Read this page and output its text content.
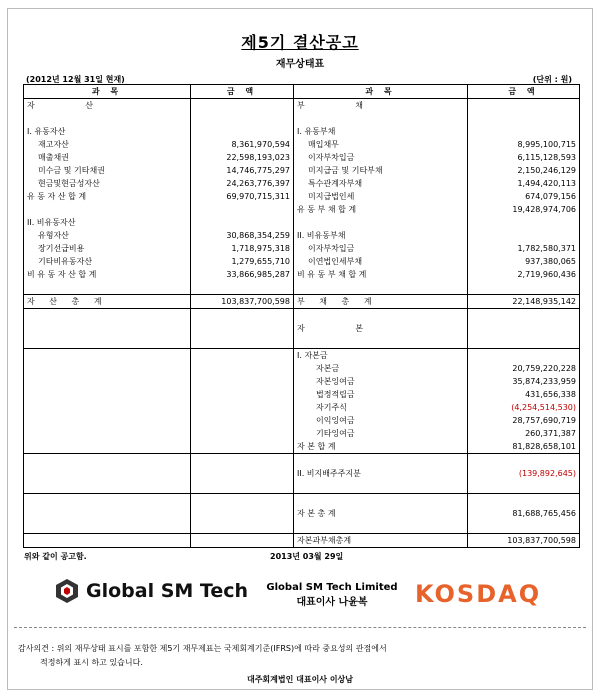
제5기 결산공고
재무상태표
(2012년 12월 31일 현재)	(단위 : 원)
과 목	금 액	과 목	금 액
자 산		부 채	

I. 유동자산		I. 유동부채	
재고자산	8,361,970,594	매입채무	8,995,100,715
매출채권	22,598,193,023	이자부차입금	6,115,128,593
미수금 및 기타채권	14,746,775,297	미지급금 및 기타부채	2,150,246,129
현금및현금성자산	24,263,776,397	특수관계자부채	1,494,420,113
유 동 자 산 합 계	69,970,715,311	미지급법인세	674,079,156
		유 동 부 채 합 계	19,428,974,706
II. 비유동자산			
유형자산	30,868,354,259	II. 비유동부채	
장기선급비용	1,718,975,318	이자부차입금	1,782,580,371
기타비유동자산	1,279,655,710	이연법인세부채	937,380,065
비 유 동 자 산 합 계	33,866,985,287	비 유 동 부 채 합 계	2,719,960,436

자 산 총 계	103,837,700,598	부 채 총 계	22,148,935,142

		자 본	

		I. 자본금	
		자본금	20,759,220,228
		자본잉여금	35,874,233,959
		법정적립금	431,656,338
		자기주식	(4,254,514,530)
		이익잉여금	28,757,690,719
		기타잉여금	260,371,387
		자 본 합 계	81,828,658,101

		II. 비지배주주지분	(139,892,645)

		자 본 총 계	81,688,765,456

		자본과부채총계	103,837,700,598
위와 같이 공고함.	2013년 03월 29일
Global SM Tech	Global SM Tech Limited
대표이사 나윤복	KOSDAQ
감사의견 : 위의 재무상태 표시를 포함한 제5기 재무제표는 국제회계기준(IFRS)에 따라 중요성의 관점에서
적정하게 표시 하고 있습니다.
대주회계법인 대표이사 이상남
